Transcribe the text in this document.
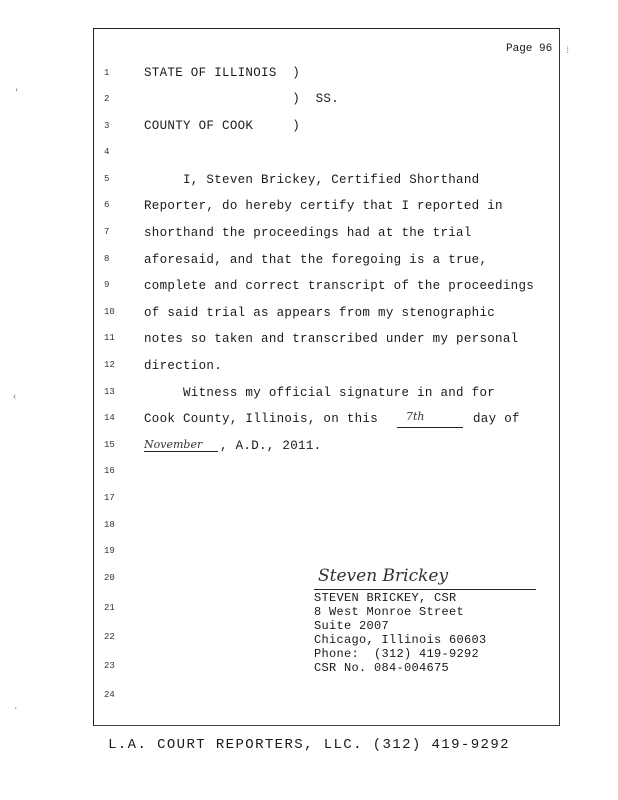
Page 96
1
2
3
4
5
6
7
8
9
10
11
12
13
14
15
16
17
18
19
20
21
22
23
24
STATE OF ILLINOIS  )
)  SS.
COUNTY OF COOK     )
I, Steven Brickey, Certified Shorthand
Reporter, do hereby certify that I reported in
shorthand the proceedings had at the trial
aforesaid, and that the foregoing is a true,
complete and correct transcript of the proceedings
of said trial as appears from my stenographic
notes so taken and transcribed under my personal
direction.
Witness my official signature in and for
Cook County, Illinois, on this	7th	day of
November	, A.D., 2011.
Steven Brickey
STEVEN BRICKEY, CSR
8 West Monroe Street
Suite 2007
Chicago, Illinois 60603
Phone:  (312) 419-9292
CSR No. 084-004675
'
‹
.
⁞
L.A. COURT REPORTERS, LLC. (312) 419-9292
